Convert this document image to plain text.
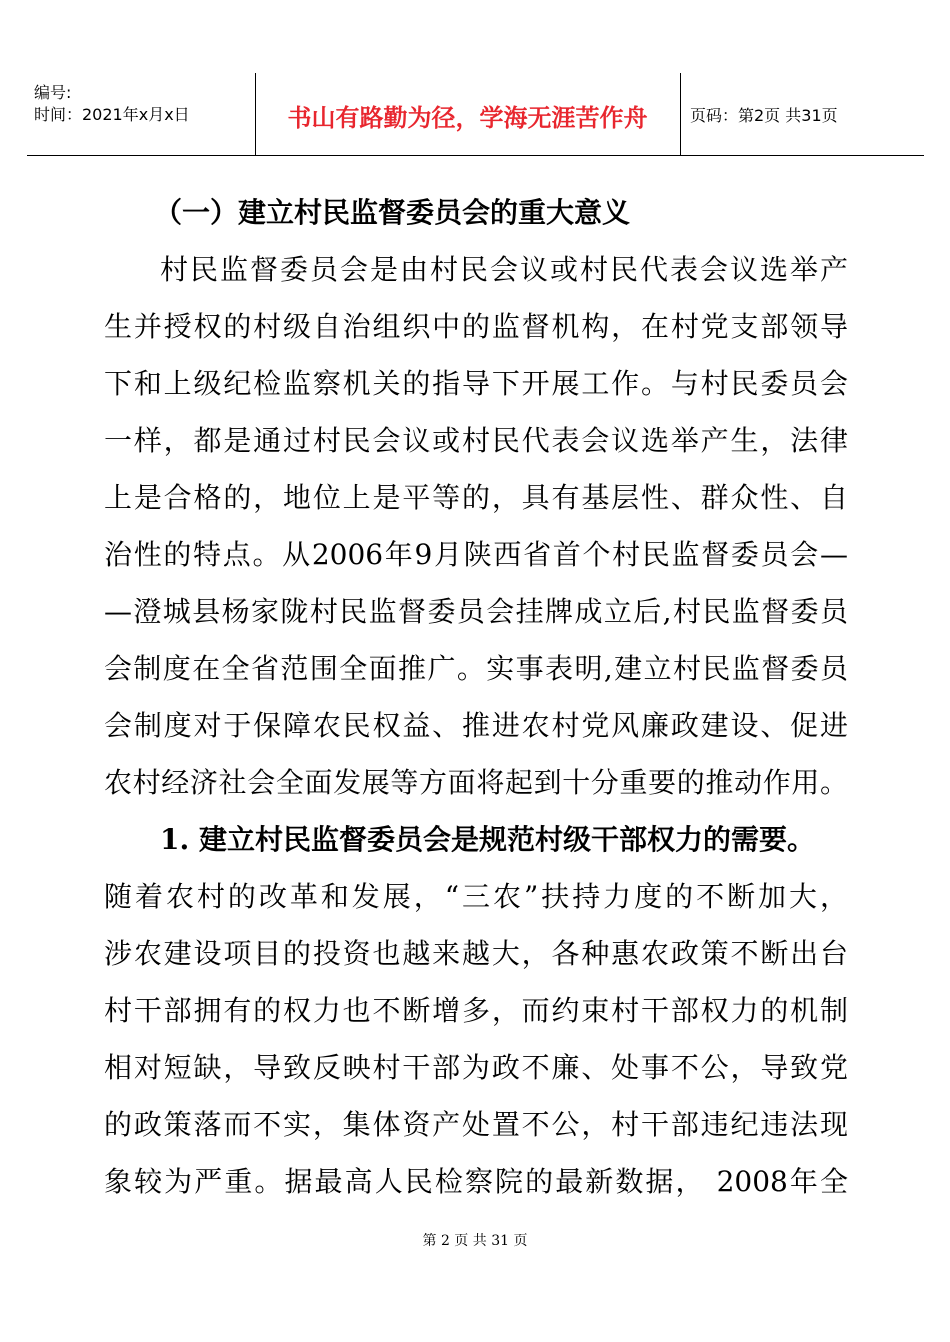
编号:
时间：2021年x月x日	书山有路勤为径，学海无涯苦作舟	页码：第2页 共31页
（一）建立村民监督委员会的重大意义
村民监督委员会是由村民会议或村民代表会议选举产
生并授权的村级自治组织中的监督机构，在村党支部领导
下和上级纪检监察机关的指导下开展工作。与村民委员会
一样，都是通过村民会议或村民代表会议选举产生，法律
上是合格的，地位上是平等的，具有基层性、群众性、自
治性的特点。从2006年9月陕西省首个村民监督委员会—
—澄城县杨家陇村民监督委员会挂牌成立后,村民监督委员
会制度在全省范围全面推广。实事表明,建立村民监督委员
会制度对于保障农民权益、推进农村党风廉政建设、促进
农村经济社会全面发展等方面将起到十分重要的推动作用。
1. 建立村民监督委员会是规范村级干部权力的需要。
随着农村的改革和发展，“三农”扶持力度的不断加大，
涉农建设项目的投资也越来越大，各种惠农政策不断出台
村干部拥有的权力也不断增多，而约束村干部权力的机制
相对短缺，导致反映村干部为政不廉、处事不公，导致党
的政策落而不实，集体资产处置不公，村干部违纪违法现
象较为严重。据最高人民检察院的最新数据， 2008年全
第 2 页 共 31 页
